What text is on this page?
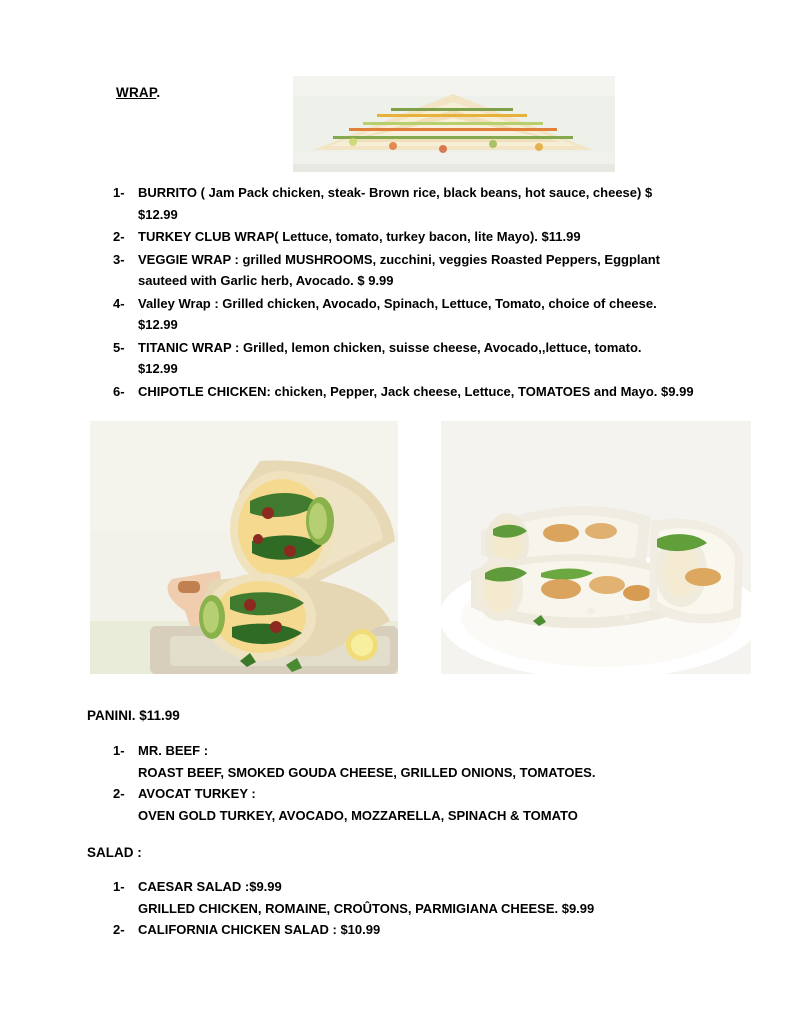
WRAP.
1-	BURRITO ( Jam Pack chicken, steak- Brown rice, black beans, hot sauce, cheese) $
$12.99
2-	TURKEY CLUB WRAP( Lettuce, tomato, turkey bacon, lite Mayo). $11.99
3-	VEGGIE WRAP : grilled MUSHROOMS, zucchini, veggies Roasted Peppers, Eggplant
sauteed with Garlic herb, Avocado. $ 9.99
4-	Valley Wrap : Grilled chicken, Avocado, Spinach, Lettuce, Tomato, choice of cheese.
$12.99
5-	TITANIC WRAP : Grilled, lemon chicken, suisse cheese, Avocado,,lettuce, tomato.
$12.99
6-	CHIPOTLE CHICKEN: chicken, Pepper, Jack cheese, Lettuce, TOMATOES and Mayo. $9.99
PANINI. $11.99
1-	MR. BEEF :
ROAST BEEF, SMOKED GOUDA CHEESE, GRILLED ONIONS, TOMATOES.
2-	AVOCAT TURKEY :
OVEN GOLD TURKEY, AVOCADO, MOZZARELLA, SPINACH & TOMATO
SALAD :
1-	CAESAR SALAD :$9.99
GRILLED CHICKEN, ROMAINE, CROÛTONS, PARMIGIANA CHEESE. $9.99
2-	CALIFORNIA CHICKEN SALAD : $10.99
